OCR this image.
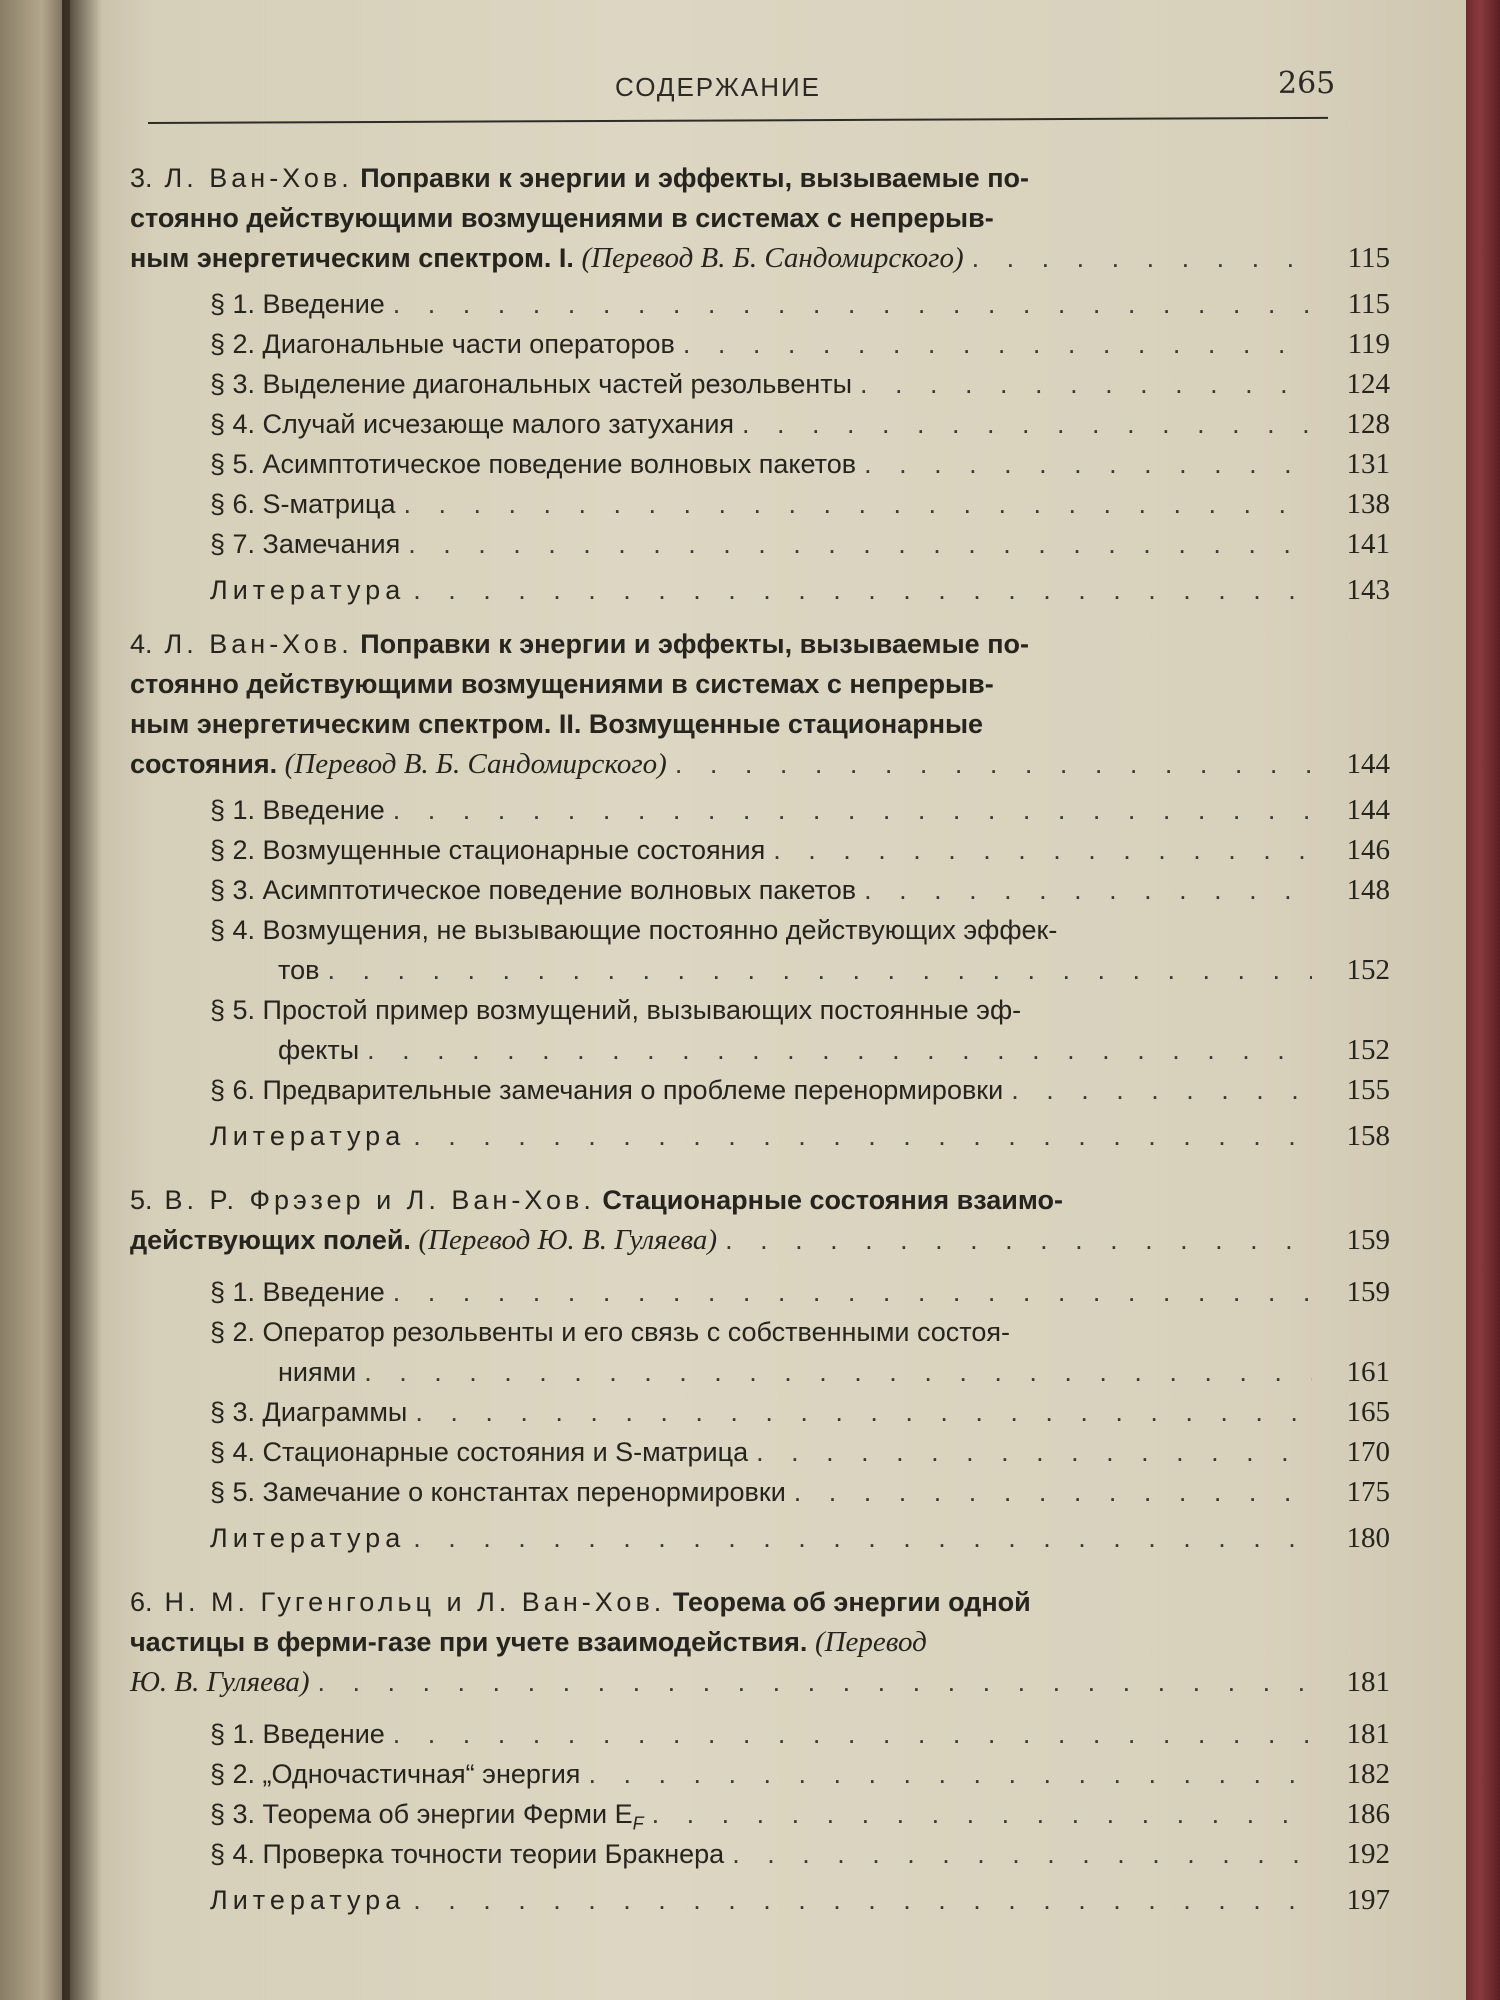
СОДЕРЖАНИЕ	265
3. Л. Ван-Хов. Поправки к энергии и эффекты, вызываемые по-
стоянно действующими возмущениями в системах с непрерыв-
ным энергетическим спектром. I.
(Перевод В. Б. Сандомирского) . . .	115
§ 1. Введение . . .	115
§ 2. Диагональные части операторов . . .	119
§ 3. Выделение диагональных частей резольвенты . . .	124
§ 4. Случай исчезающе малого затухания . . .	128
§ 5. Асимптотическое поведение волновых пакетов . . .	131
§ 6. S-матрица . . .	138
§ 7. Замечания . . .	141
Литература . . .	143
4. Л. Ван-Хов.
Поправки к энергии и эффекты, вызываемые по-
стоянно действующими возмущениями в системах с непрерыв-
ным энергетическим спектром. II. Возмущенные стационарные
состояния.
(Перевод В. Б. Сандомирского) . . .	144
§ 1. Введение . . .	144
§ 2. Возмущенные стационарные состояния . . .	146
§ 3. Асимптотическое поведение волновых пакетов . . .	148
§ 4. Возмущения, не вызывающие постоянно действующих эффек-
тов . . .	152
§ 5. Простой пример возмущений, вызывающих постоянные эф-
фекты . . .	152
§ 6. Предварительные замечания о проблеме перенормировки . . .	155
Литература . . .	158
5. В. Р. Фрэзер и Л. Ван-Хов.
Стационарные состояния взаимо-
действующих полей.
(Перевод Ю. В. Гуляева) . . .	159
§ 1. Введение . . .	159
§ 2. Оператор резольвенты и его связь с собственными состоя-
ниями . . .	161
§ 3. Диаграммы . . .	165
§ 4. Стационарные состояния и S-матрица . . .	170
§ 5. Замечание о константах перенормировки . . .	175
Литература . . .	180
6. Н. М. Гугенгольц и Л. Ван-Хов.
Теорема об энергии одной
частицы в ферми-газе при учете взаимодействия.
(Перевод
Ю. В. Гуляева) . . .	181
§ 1. Введение . . .	181
§ 2. „Одночастичная“ энергия . . .	182
§ 3. Теорема об энергии Ферми $E_F$ . . .	186
§ 4. Проверка точности теории Бракнера . . .	192
Литература . . .	197
